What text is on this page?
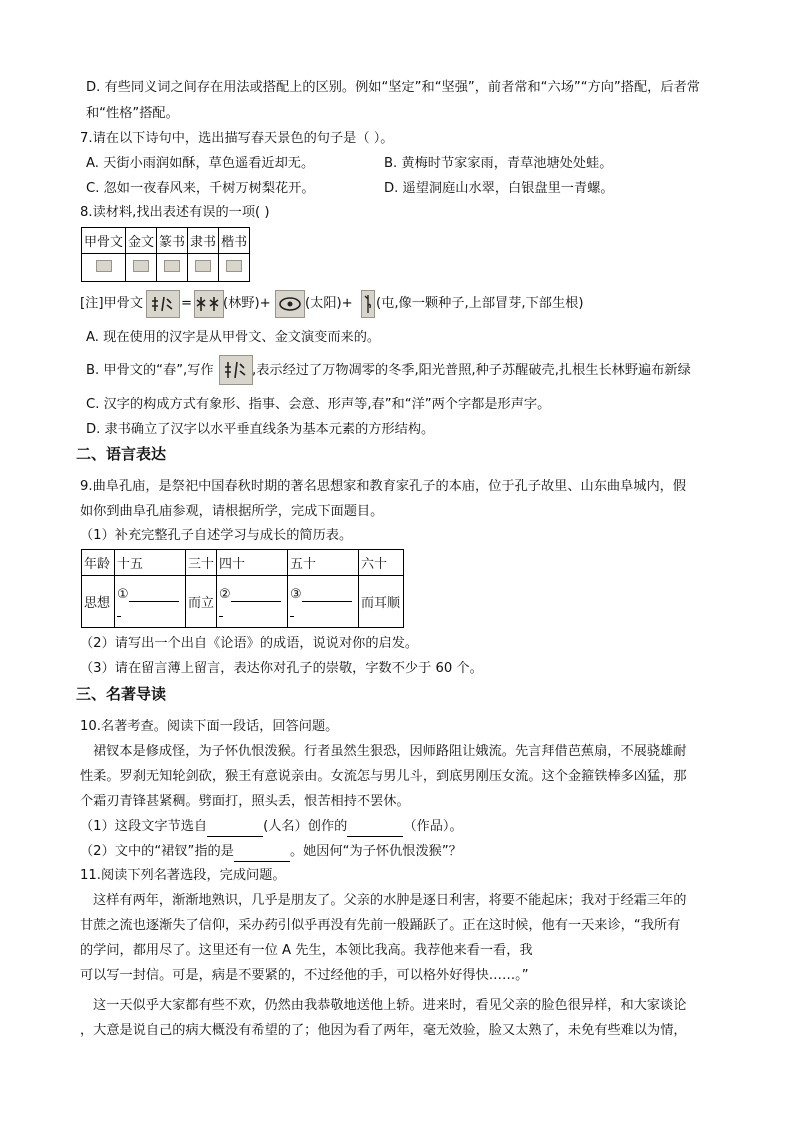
D. 有些同义词之间存在用法或搭配上的区别。例如“坚定”和“坚强”，前者常和“六场”“方向”搭配，后者常
和“性格”搭配。
7.请在以下诗句中，选出描写春天景色的句子是（ ）。
A. 天街小雨润如酥，草色遥看近却无。	B. 黄梅时节家家雨，青草池塘处处蛙。
C. 忽如一夜春风来，千树万树梨花开。	D. 遥望洞庭山水翠，白银盘里一青螺。
8.读材料,找出表述有误的一项( )
甲骨文	金文	篆书	隶书	楷书

[注]甲骨文	= (林野)+	(太阳)+ (屯,像一颗种子,上部冒芽,下部生根)
A. 现在使用的汉字是从甲骨文、金文演变而来的。
B. 甲骨文的“春”,写作	,表示经过了万物凋零的冬季,阳光普照,种子苏醒破壳,扎根生长林野遍布新绿
C. 汉字的构成方式有象形、指事、会意、形声等,春”和“洋”两个字都是形声字。
D. 隶书确立了汉字以水平垂直线条为基本元素的方形结构。
二、语言表达
9.曲阜孔庙，是祭祀中国春秋时期的著名思想家和教育家孔子的本庙，位于孔子故里、山东曲阜城内，假
如你到曲阜孔庙参观，请根据所学，完成下面题目。
（1）补充完整孔子自述学习与成长的简历表。
年龄	十五	三十	四十	五十	六十
思想	①	而立	②	③	而耳顺
（2）请写出一个出自《论语》的成语，说说对你的启发。
（3）请在留言薄上留言，表达你对孔子的崇敬，字数不少于 60 个。
三、名著导读
10.名著考查。阅读下面一段话，回答问题。
裙钗本是修成怪，为子怀仇恨泼猴。行者虽然生狠恐，因师路阻让娥流。先言拜借芭蕉扇，不展骁雄耐
性柔。罗刹无知轮剑砍，猴王有意说亲由。女流怎与男儿斗，到底男刚压女流。这个金箍铁棒多凶猛，那
个霜刃青锋甚紧稠。劈面打，照头丢，恨苦相持不罢休。
（1）这段文字节选自	(人名）创作的	（作品）。
（2）文中的“裙钗”指的是	。她因何“为子怀仇恨泼猴”？
11.阅读下列名著选段，完成问题。
这样有两年，渐渐地熟识，几乎是朋友了。父亲的水肿是逐日利害，将要不能起床；我对于经霜三年的
甘蔗之流也逐渐失了信仰，采办药引似乎再没有先前一般踊跃了。正在这时候，他有一天来诊，“我所有
的学问，都用尽了。这里还有一位 A 先生，本领比我高。我荐他来看一看，我
可以写一封信。可是，病是不要紧的，不过经他的手，可以格外好得快……。”
这一天似乎大家都有些不欢，仍然由我恭敬地送他上轿。进来时，看见父亲的脸色很异样，和大家谈论
，大意是说自己的病大概没有希望的了；他因为看了两年，毫无效验，脸又太熟了，未免有些难以为情，
